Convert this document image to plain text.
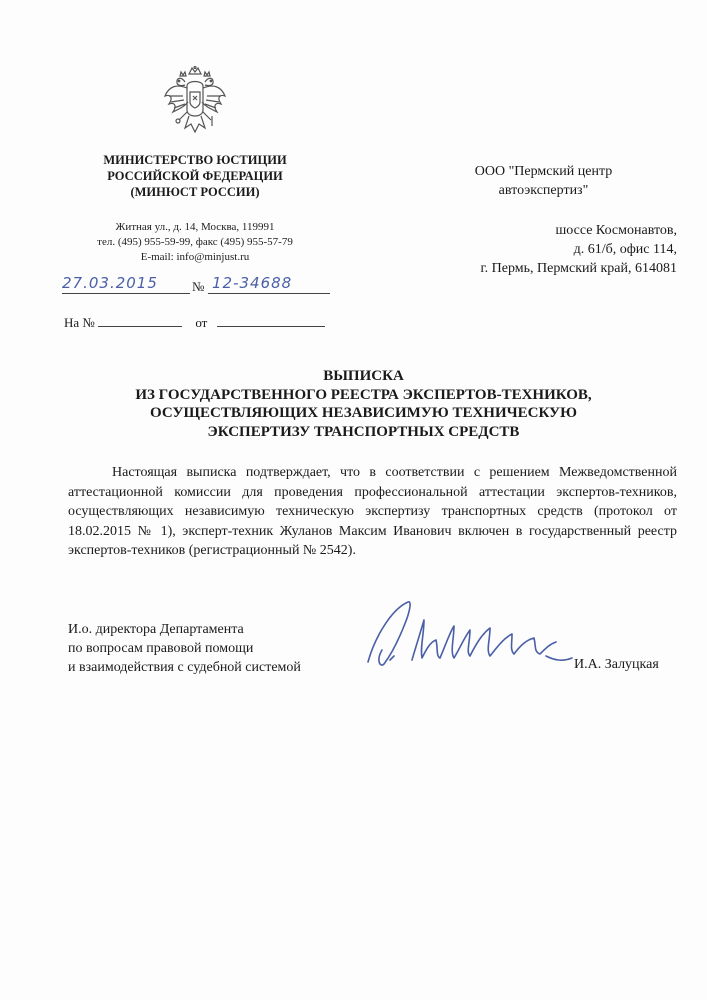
МИНИСТЕРСТВО ЮСТИЦИИ
РОССИЙСКОЙ ФЕДЕРАЦИИ
(МИНЮСТ РОССИИ)
Житная ул., д. 14, Москва, 119991
тел. (495) 955-59-99, факс (495) 955-57-79
E-mail: info@minjust.ru
27.03.2015	№ 12-34688
На №	от
ООО "Пермский центр
автоэкспертиз"
шоссе Космонавтов,
д. 61/б, офис 114,
г. Пермь, Пермский край, 614081
ВЫПИСКА
ИЗ ГОСУДАРСТВЕННОГО РЕЕСТРА ЭКСПЕРТОВ-ТЕХНИКОВ,
ОСУЩЕСТВЛЯЮЩИХ НЕЗАВИСИМУЮ ТЕХНИЧЕСКУЮ
ЭКСПЕРТИЗУ ТРАНСПОРТНЫХ СРЕДСТВ

Настоящая выписка подтверждает, что в соответствии с решением Межведомственной аттестационной комиссии для проведения профессиональной аттестации экспертов-техников, осуществляющих независимую техническую экспертизу транспортных средств (протокол от 18.02.2015 № 1), эксперт-техник Жуланов Максим Иванович включен в государственный реестр экспертов-техников (регистрационный № 2542).

И.о. директора Департамента
по вопросам правовой помощи
и взаимодействия с судебной системой	И.А. Залуцкая
